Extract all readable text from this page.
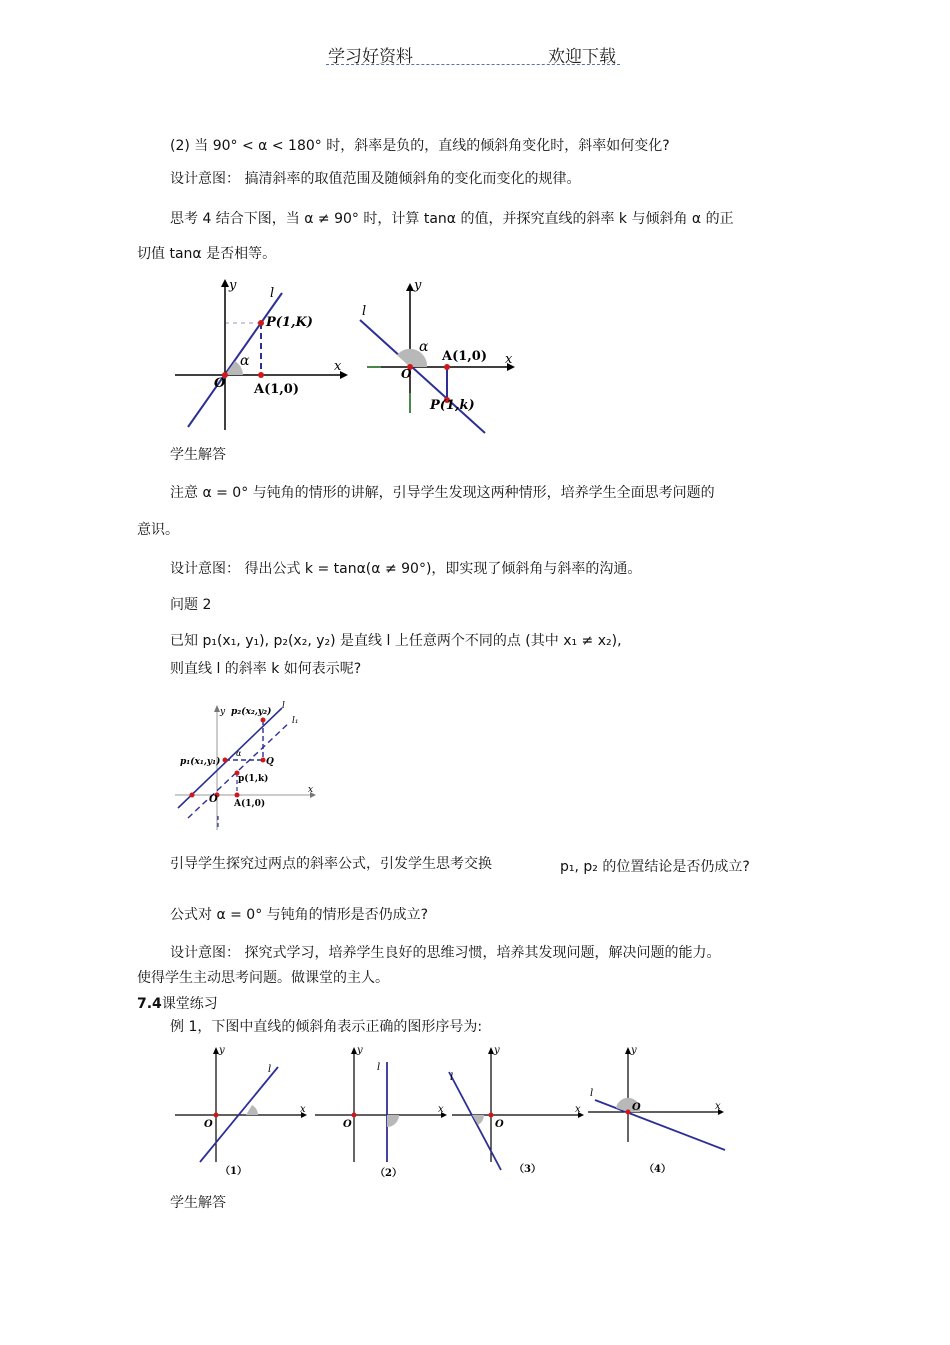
学习好资料	欢迎下载
(2) 当 90° < α < 180° 时，斜率是负的，直线的倾斜角变化时，斜率如何变化?
设计意图： 搞清斜率的取值范围及随倾斜角的变化而变化的规律。
思考 4 结合下图，当 α ≠ 90° 时，计算 tanα 的值，并探究直线的斜率 k 与倾斜角 α 的正
切值 tanα 是否相等。
y
x
l
P(1,K)
A(1,0)
O
α
y
x
l
A(1,0)
P(1,k)
O
α
学生解答
注意 α = 0° 与钝角的情形的讲解，引导学生发现这两种情形，培养学生全面思考问题的
意识。
设计意图： 得出公式 k = tanα(α ≠ 90°)，即实现了倾斜角与斜率的沟通。
问题 2
已知 p₁(x₁, y₁), p₂(x₂, y₂) 是直线 l 上任意两个不同的点 (其中 x₁ ≠ x₂),
则直线 l 的斜率 k 如何表示呢?
y
x
l
l₁
p₂(x₂,y₂)
p₁(x₁,y₁)	Q
p(1,k)
A(1,0)
O
α
引导学生探究过两点的斜率公式，引发学生思考交换	p₁, p₂ 的位置结论是否仍成立?
公式对 α = 0° 与钝角的情形是否仍成立?
设计意图： 探究式学习，培养学生良好的思维习惯，培养其发现问题，解决问题的能力。
使得学生主动思考问题。做课堂的主人。
7.4课堂练习
例 1，下图中直线的倾斜角表示正确的图形序号为:
O
x
y
l
（1）
O
x
y
l
（2）
O
x
y
l
（3）
O	x
y
l
（4）
学生解答
